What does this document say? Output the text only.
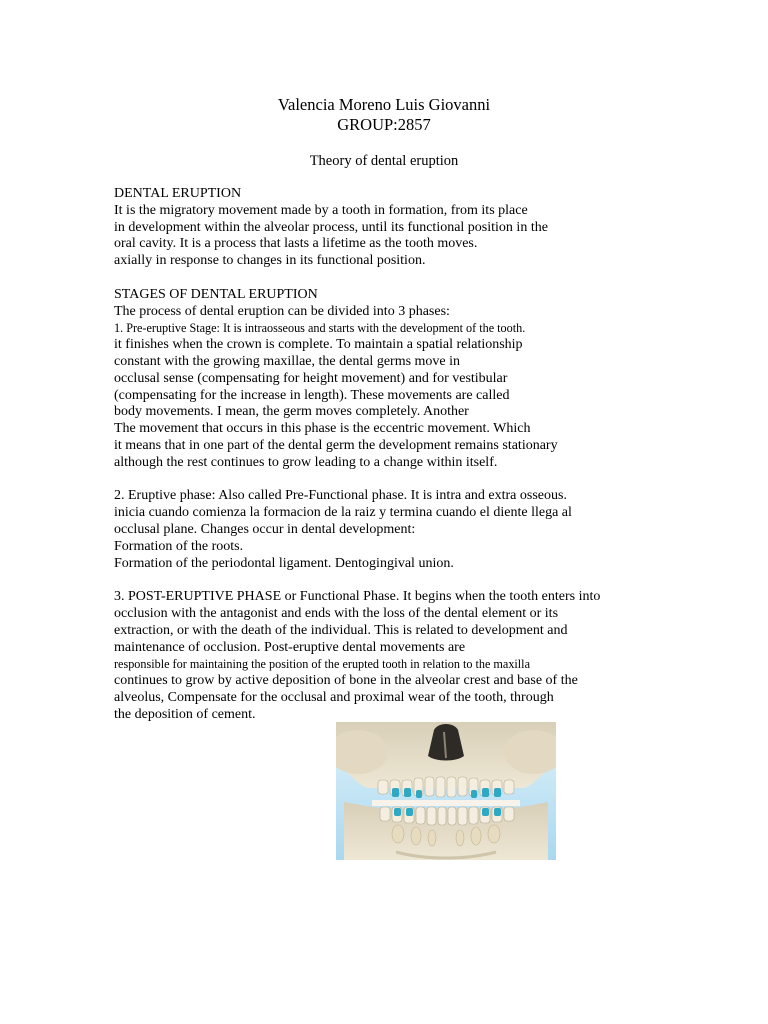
Valencia Moreno Luis Giovanni
GROUP:2857
Theory of dental eruption
DENTAL ERUPTION
It is the migratory movement made by a tooth in formation, from its place
in development within the alveolar process, until its functional position in the
oral cavity. It is a process that lasts a lifetime as the tooth moves.
axially in response to changes in its functional position.
STAGES OF DENTAL ERUPTION
The process of dental eruption can be divided into 3 phases:
1. Pre-eruptive Stage: It is intraosseous and starts with the development of the tooth.
it finishes when the crown is complete. To maintain a spatial relationship
constant with the growing maxillae, the dental germs move in
occlusal sense (compensating for height movement) and for vestibular
(compensating for the increase in length). These movements are called
body movements. I mean, the germ moves completely. Another
The movement that occurs in this phase is the eccentric movement. Which
it means that in one part of the dental germ the development remains stationary
although the rest continues to grow leading to a change within itself.
2. Eruptive phase: Also called Pre-Functional phase. It is intra and extra osseous.
inicia cuando comienza la formacion de la raiz y termina cuando el diente llega al
occlusal plane. Changes occur in dental development:
Formation of the roots.
Formation of the periodontal ligament. Dentogingival union.
3. POST-ERUPTIVE PHASE or Functional Phase. It begins when the tooth enters into
occlusion with the antagonist and ends with the loss of the dental element or its
extraction, or with the death of the individual. This is related to development and
maintenance of occlusion. Post-eruptive dental movements are
responsible for maintaining the position of the erupted tooth in relation to the maxilla
continues to grow by active deposition of bone in the alveolar crest and base of the
alveolus, Compensate for the occlusal and proximal wear of the tooth, through
the deposition of cement.
